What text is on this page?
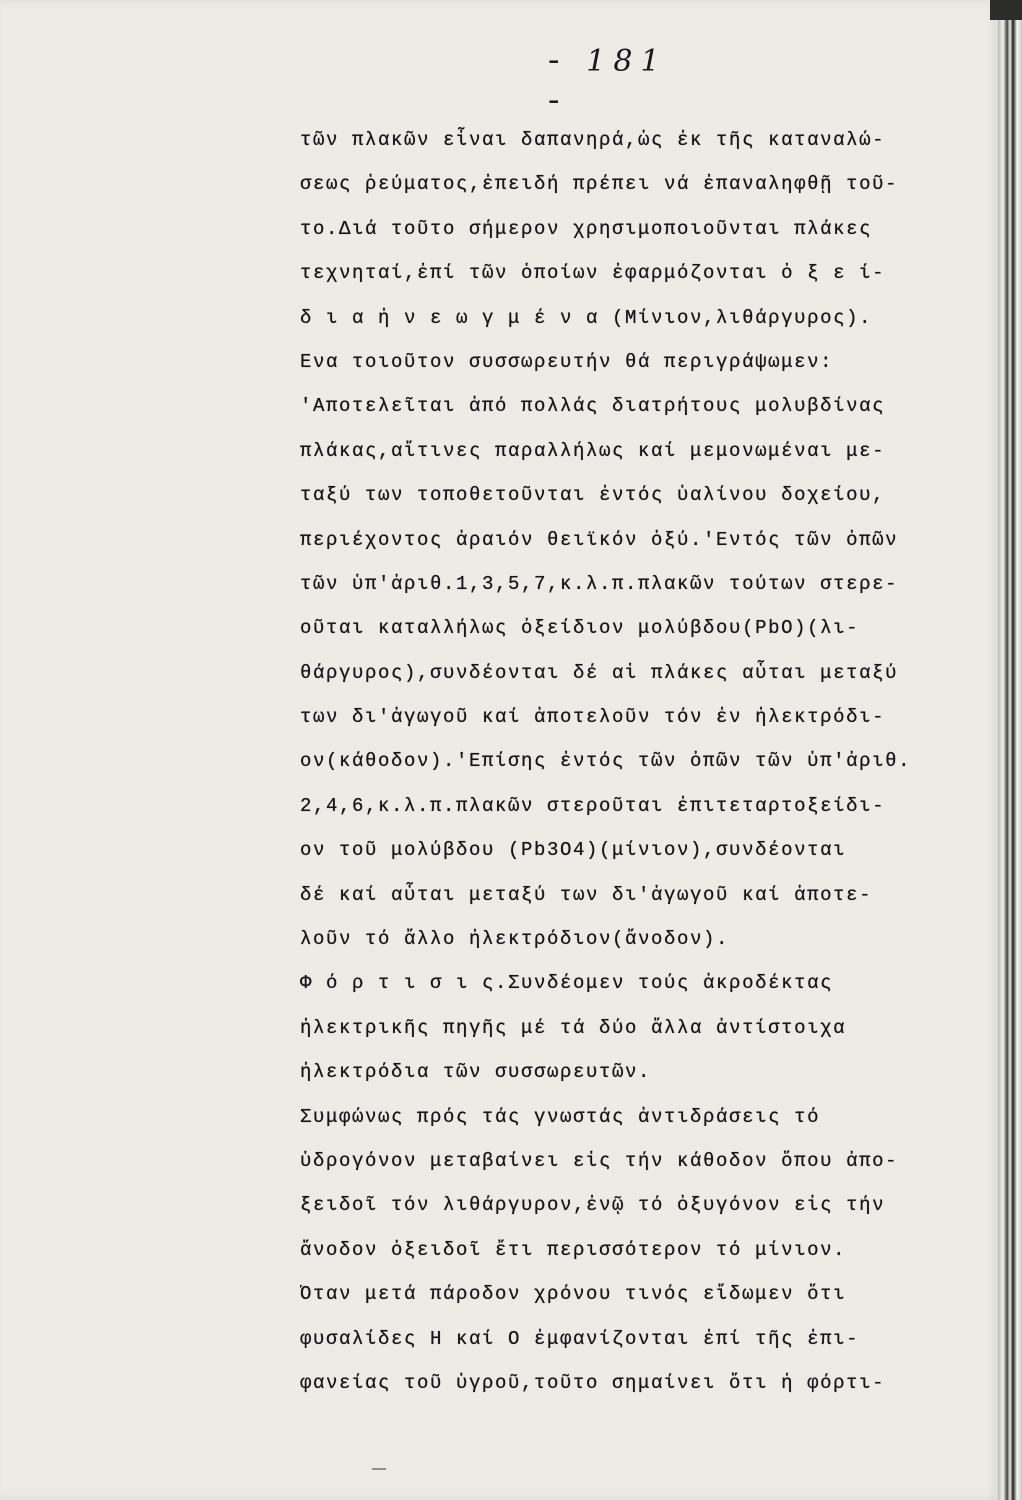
- 181 -
τῶν πλακῶν εἶναι δαπανηρά,ὡς ἐκ τῆς καταναλώ-
σεως ῥεύματος,ἐπειδή πρέπει νά ἐπαναληφθῇ τοῦ-
το.Διά τοῦτο σήμερον χρησιμοποιοῦνται πλάκες
τεχνηταί,ἐπί τῶν ὁποίων ἐφαρμόζονται ὀ ξ ε ί-
δ ι α ἠ ν ε ω γ μ έ ν α (Μίνιον,λιθάργυρος).
Ἕνα τοιοῦτον συσσωρευτήν θά περιγράψωμεν:
'Αποτελεῖται ἀπό πολλάς διατρήτους μολυβδίνας
πλάκας,αἵτινες παραλλήλως καί μεμονωμέναι με-
ταξύ των τοποθετοῦνται ἐντός ὑαλίνου δοχείου,
περιέχοντος ἀραιόν θειϊκόν ὀξύ.'Εντός τῶν ὀπῶν
τῶν ὑπ'ἀριθ.1,3,5,7,κ.λ.π.πλακῶν τούτων στερε-
οῦται καταλλήλως ὀξείδιον μολύβδου(PbO)(λι-
θάργυρος),συνδέονται δέ αἱ πλάκες αὗται μεταξύ
των δι'ἀγωγοῦ καί ἀποτελοῦν τόν ἐν ἠλεκτρόδι-
ον(κάθοδον).'Επίσης ἐντός τῶν ὀπῶν τῶν ὑπ'ἀριθ.
2,4,6,κ.λ.π.πλακῶν στεροῦται ἐπιτεταρτοξείδι-
ον τοῦ μολύβδου (Pb3O4)(μίνιον),συνδέονται
δέ καί αὗται μεταξύ των δι'ἀγωγοῦ καί ἀποτε-
λοῦν τό ἄλλο ἠλεκτρόδιον(ἄνοδον).
Φ ό ρ τ ι σ ι ς.Συνδέομεν τούς ἀκροδέκτας
ἠλεκτρικῆς πηγῆς μέ τά δύο ἄλλα ἀντίστοιχα
ἠλεκτρόδια τῶν συσσωρευτῶν.
Συμφώνως πρός τάς γνωστάς ἀντιδράσεις τό
ὑδρογόνον μεταβαίνει εἰς τήν κάθοδον ὅπου ἀπο-
ξειδοῖ τόν λιθάργυρον,ἐνῷ τό ὀξυγόνον εἰς τήν
ἄνοδον ὀξειδοῖ ἔτι περισσότερον τό μίνιον.
Ὅταν μετά πάροδον χρόνου τινός εἴδωμεν ὅτι
φυσαλίδες Η καί Ο ἐμφανίζονται ἐπί τῆς ἐπι-
φανείας τοῦ ὑγροῦ,τοῦτο σημαίνει ὅτι ἡ φόρτι-
